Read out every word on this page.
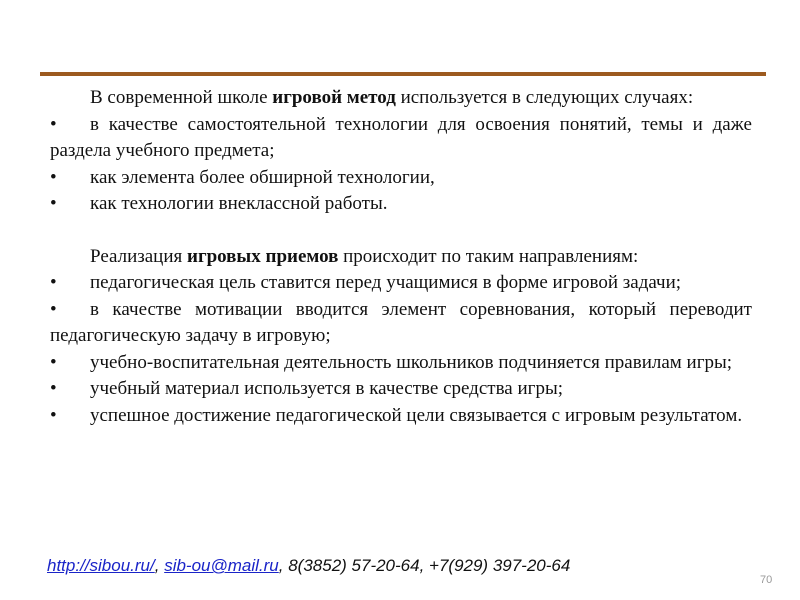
В современной школе игровой метод используется в следующих случаях:

• в качестве самостоятельной технологии для освоения понятий, темы и даже раздела учебного предмета;
• как элемента более обширной технологии,
• как технологии внеклассной работы.

Реализация игровых приемов происходит по таким направлениям:

• педагогическая цель ставится перед учащимися в форме игровой задачи;
• в качестве мотивации вводится элемент соревнования, который переводит педагогическую задачу в игровую;
• учебно-воспитательная деятельность школьников подчиняется правилам игры;
• учебный материал используется в качестве средства игры;
• успешное достижение педагогической цели связывается с игровым результатом.
http://sibou.ru/, sib-ou@mail.ru, 8(3852) 57-20-64, +7(929) 397-20-64
70
